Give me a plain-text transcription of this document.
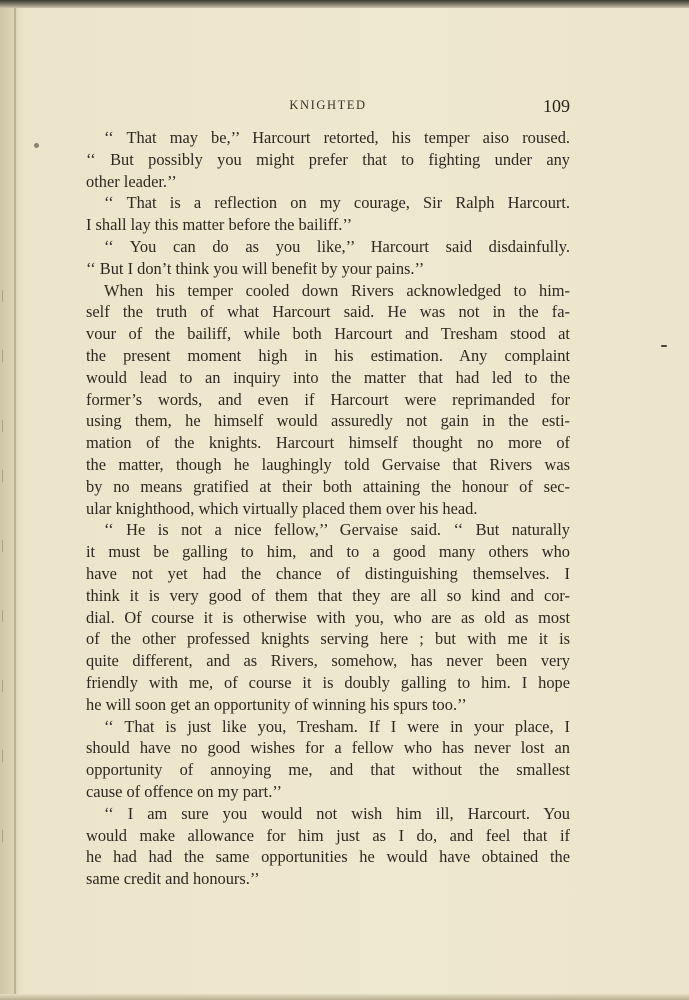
KNIGHTED	109
‘‘ That may be,’’ Harcourt retorted, his temper aiso roused.
‘‘ But possibly you might prefer that to fighting under any
other leader.’’
‘‘ That is a reflection on my courage, Sir Ralph Harcourt.
I shall lay this matter before the bailiff.’’
‘‘ You can do as you like,’’ Harcourt said disdainfully.
‘‘ But I don’t think you will benefit by your pains.’’
When his temper cooled down Rivers acknowledged to him-
self the truth of what Harcourt said. He was not in the fa-
vour of the bailiff, while both Harcourt and Tresham stood at
the present moment high in his estimation. Any complaint
would lead to an inquiry into the matter that had led to the
former’s words, and even if Harcourt were reprimanded for
using them, he himself would assuredly not gain in the esti-
mation of the knights. Harcourt himself thought no more of
the matter, though he laughingly told Gervaise that Rivers was
by no means gratified at their both attaining the honour of sec-
ular knighthood, which virtually placed them over his head.
‘‘ He is not a nice fellow,’’ Gervaise said. ‘‘ But naturally
it must be galling to him, and to a good many others who
have not yet had the chance of distinguishing themselves. I
think it is very good of them that they are all so kind and cor-
dial. Of course it is otherwise with you, who are as old as most
of the other professed knights serving here ; but with me it is
quite different, and as Rivers, somehow, has never been very
friendly with me, of course it is doubly galling to him. I hope
he will soon get an opportunity of winning his spurs too.’’
‘‘ That is just like you, Tresham. If I were in your place, I
should have no good wishes for a fellow who has never lost an
opportunity of annoying me, and that without the smallest
cause of offence on my part.’’
‘‘ I am sure you would not wish him ill, Harcourt. You
would make allowance for him just as I do, and feel that if
he had had the same opportunities he would have obtained the
same credit and honours.’’
